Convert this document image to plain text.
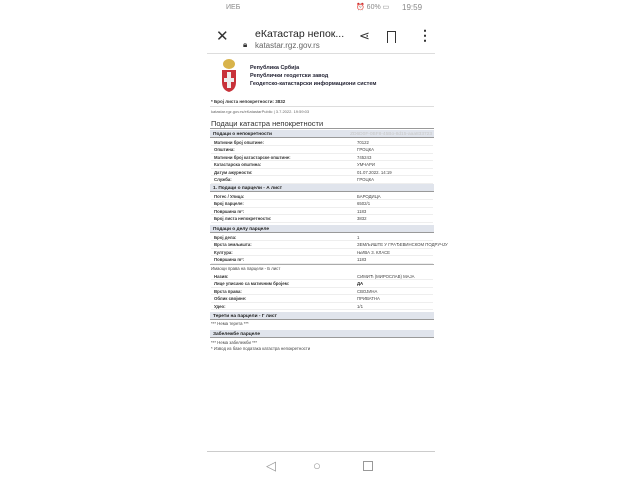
ИЕБ	⏰ 60% ▭ 19:59
✕ 🔒︎
еКатастар непок...
katastar.rgz.gov.rs
⋖	⋮
Република Србија
Републички геодетски завод
Геодетско-катастарски информациони систем
* Број листа непокретности: 3832
katastar.rgz.gov.rs/eKatastarPublic | 3.7.2022. 19:59:03
Подаци катастра непокретности
Подаци о непокретности	ZD6D0F-0BF8-45Bo-8d15-aaa833723
Матични број општине:	70122
Општина:	ГРОЦКА
Матични број катастарске општине:	745243
Катастарска општина:	УМЧАРИ
Датум ажурности:	01.07.2022. 14:19
Служба:	ГРОЦКА
1. Подаци о парцели - А лист
Потес / Улица:	БАРОДИЦА
Број парцеле:	6502/1
Површина m²:	1183
Број листа непокретности:	3832
Подаци о делу парцеле
Број дела:	1
Врста земљишта:	ЗЕМЉИШТЕ У ГРАЂЕВИНСКОМ ПОДРУЧЈУ
Култура:	ЊИВА 3. КЛАСЕ
Површина m²:	1183
Имаоци права на парцели - Б лист
Назив:	СИМИЋ (МИРОСЛАВ) МАЈА
Лице уписано са матичним бројем:	ДА
Врста права:	СВОЈИНА
Облик својине:	ПРИВАТНА
Удео:	1/1
Терети на парцели - Г лист
*** Нема терета ***
Забележбе парцеле
*** Нема забележби ***
* Извод из базе података катастра непокретности
◁	○
